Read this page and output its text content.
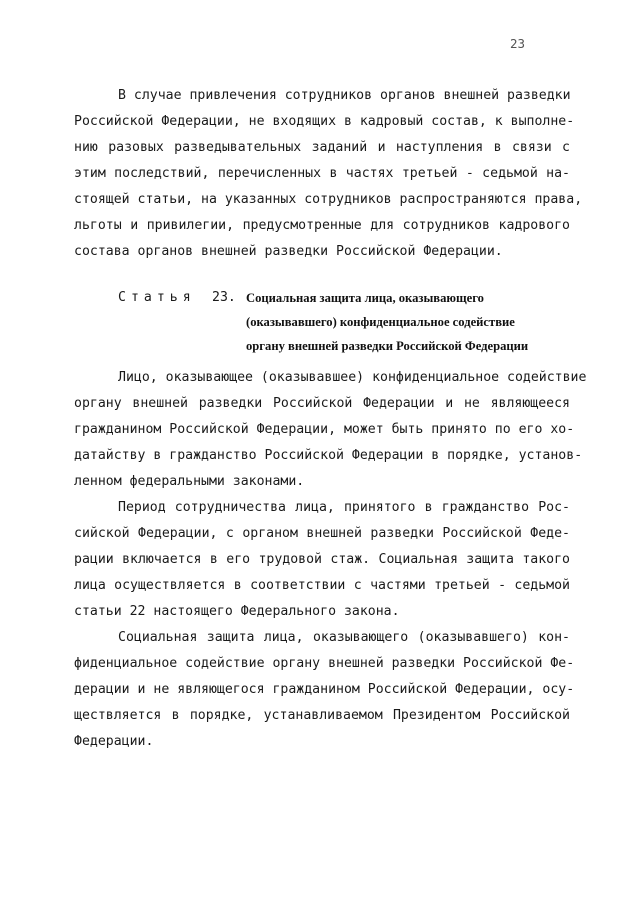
23
В случае привлечения сотрудников органов внешней разведки
Российской Федерации, не входящих в кадровый состав, к выполне-
нию разовых разведывательных заданий и наступления в связи с
этим последствий, перечисленных в частях третьей - седьмой на-
стоящей статьи, на указанных сотрудников распространяются права,
льготы и привилегии, предусмотренные для сотрудников кадрового
состава органов внешней разведки Российской Федерации.
Статья 23. Социальная защита лица, оказывающего
(оказывавшего) конфиденциальное содействие
органу внешней разведки Российской Федерации
Лицо, оказывающее (оказывавшее) конфиденциальное содействие
органу внешней разведки Российской Федерации и не являющееся
гражданином Российской Федерации, может быть принято по его хо-
датайству в гражданство Российской Федерации в порядке, установ-
ленном федеральными законами.
Период сотрудничества лица, принятого в гражданство Рос-
сийской Федерации, с органом внешней разведки Российской Феде-
рации включается в его трудовой стаж. Социальная защита такого
лица осуществляется в соответствии с частями третьей - седьмой
статьи 22 настоящего Федерального закона.
Социальная защита лица, оказывающего (оказывавшего) кон-
фиденциальное содействие органу внешней разведки Российской Фе-
дерации и не являющегося гражданином Российской Федерации, осу-
ществляется в порядке, устанавливаемом Президентом Российской
Федерации.
